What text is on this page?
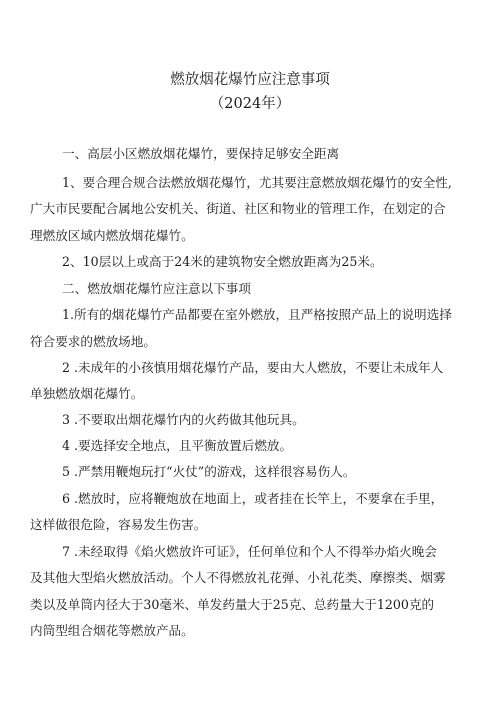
燃放烟花爆竹应注意事项
（2024年）
一、高层小区燃放烟花爆竹，要保持足够安全距离
1、要合理合规合法燃放烟花爆竹，尤其要注意燃放烟花爆竹的安全性,
广大市民要配合属地公安机关、街道、社区和物业的管理工作，在划定的合
理燃放区域内燃放烟花爆竹。
2、10层以上或高于24米的建筑物安全燃放距离为25米。
二、燃放烟花爆竹应注意以下事项
1.所有的烟花爆竹产品都要在室外燃放，且严格按照产品上的说明选择
符合要求的燃放场地。
2 .未成年的小孩慎用烟花爆竹产品，要由大人燃放，不要让未成年人
单独燃放烟花爆竹。
3 .不要取出烟花爆竹内的火药做其他玩具。
4 .要选择安全地点，且平衡放置后燃放。
5 .严禁用鞭炮玩打“火仗”的游戏，这样很容易伤人。
6 .燃放时，应将鞭炮放在地面上，或者挂在长竿上，不要拿在手里，
这样做很危险，容易发生伤害。
7 .未经取得《焰火燃放许可证》，任何单位和个人不得举办焰火晚会
及其他大型焰火燃放活动。个人不得燃放礼花弹、小礼花类、摩擦类、烟雾
类以及单筒内径大于30毫米、单发药量大于25克、总药量大于1200克的
内筒型组合烟花等燃放产品。
